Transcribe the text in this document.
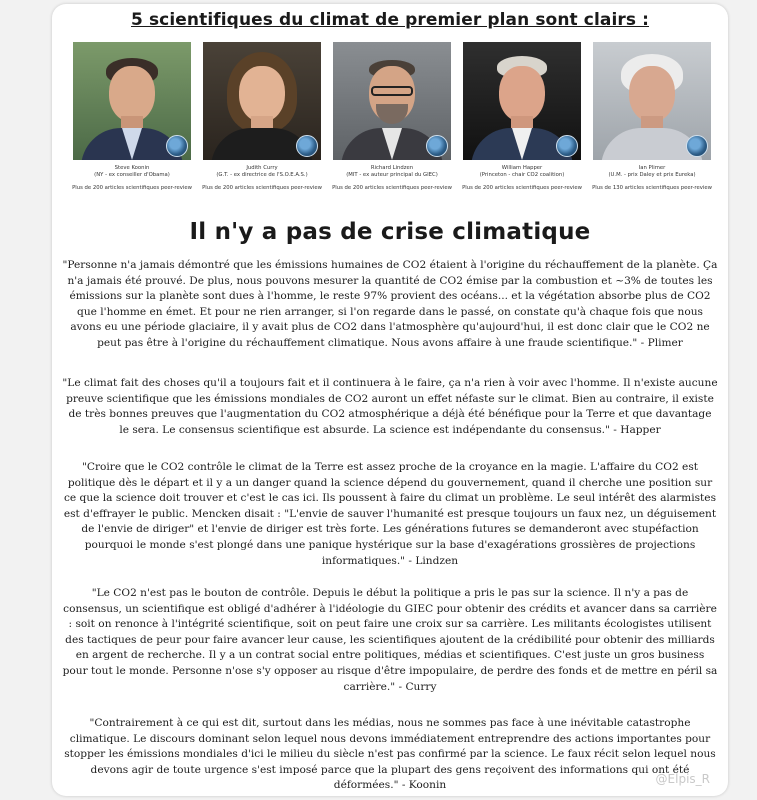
5 scientifiques du climat de premier plan sont clairs :
Steve Koonin
(NY - ex conseiller d'Obama)
Plus de 200 articles scientifiques peer-review
Judith Curry
(G.T. - ex directrice de l'S.O.E.A.S.)
Plus de 200 articles scientifiques peer-review
Richard Lindzen
(MIT - ex auteur principal du GIEC)
Plus de 200 articles scientifiques peer-review
William Happer
(Princeton - chair CO2 coalition)
Plus de 200 articles scientifiques peer-review
Ian Plimer
(U.M. - prix Daley et prix Eureka)
Plus de 130 articles scientifiques peer-review
Il n'y a pas de crise climatique
"Personne n'a jamais démontré que les émissions humaines de CO2 étaient à l'origine du réchauffement de la planète. Ça n'a jamais été prouvé. De plus, nous pouvons mesurer la quantité de CO2 émise par la combustion et ~3% de toutes les émissions sur la planète sont dues à l'homme, le reste 97% provient des océans... et la végétation absorbe plus de CO2 que l'homme en émet. Et pour ne rien arranger, si l'on regarde dans le passé, on constate qu'à chaque fois que nous avons eu une période glaciaire, il y avait plus de CO2 dans l'atmosphère qu'aujourd'hui, il est donc clair que le CO2 ne peut pas être à l'origine du réchauffement climatique. Nous avons affaire à une fraude scientifique." - Plimer
"Le climat fait des choses qu'il a toujours fait et il continuera à le faire, ça n'a rien à voir avec l'homme. Il n'existe aucune preuve scientifique que les émissions mondiales de CO2 auront un effet néfaste sur le climat. Bien au contraire, il existe de très bonnes preuves que l'augmentation du CO2 atmosphérique a déjà été bénéfique pour la Terre et que davantage le sera. Le consensus scientifique est absurde. La science est indépendante du consensus." - Happer
"Croire que le CO2 contrôle le climat de la Terre est assez proche de la croyance en la magie. L'affaire du CO2 est politique dès le départ et il y a un danger quand la science dépend du gouvernement, quand il cherche une position sur ce que la science doit trouver et c'est le cas ici. Ils poussent à faire du climat un problème. Le seul intérêt des alarmistes est d'effrayer le public. Mencken disait : "L'envie de sauver l'humanité est presque toujours un faux nez, un déguisement de l'envie de diriger" et l'envie de diriger est très forte. Les générations futures se demanderont avec stupéfaction pourquoi le monde s'est plongé dans une panique hystérique sur la base d'exagérations grossières de projections informatiques." - Lindzen
"Le CO2 n'est pas le bouton de contrôle. Depuis le début la politique a pris le pas sur la science. Il n'y a pas de consensus, un scientifique est obligé d'adhérer à l'idéologie du GIEC pour obtenir des crédits et avancer dans sa carrière : soit on renonce à l'intégrité scientifique, soit on peut faire une croix sur sa carrière. Les militants écologistes utilisent des tactiques de peur pour faire avancer leur cause, les scientifiques ajoutent de la crédibilité pour obtenir des milliards en argent de recherche. Il y a un contrat social entre politiques, médias et scientifiques. C'est juste un gros business pour tout le monde. Personne n'ose s'y opposer au risque d'être impopulaire, de perdre des fonds et de mettre en péril sa carrière." - Curry
"Contrairement à ce qui est dit, surtout dans les médias, nous ne sommes pas face à une inévitable catastrophe climatique. Le discours dominant selon lequel nous devons immédiatement entreprendre des actions importantes pour stopper les émissions mondiales d'ici le milieu du siècle n'est pas confirmé par la science. Le faux récit selon lequel nous devons agir de toute urgence s'est imposé parce que la plupart des gens reçoivent des informations qui ont été déformées." - Koonin	@Elpis_R
